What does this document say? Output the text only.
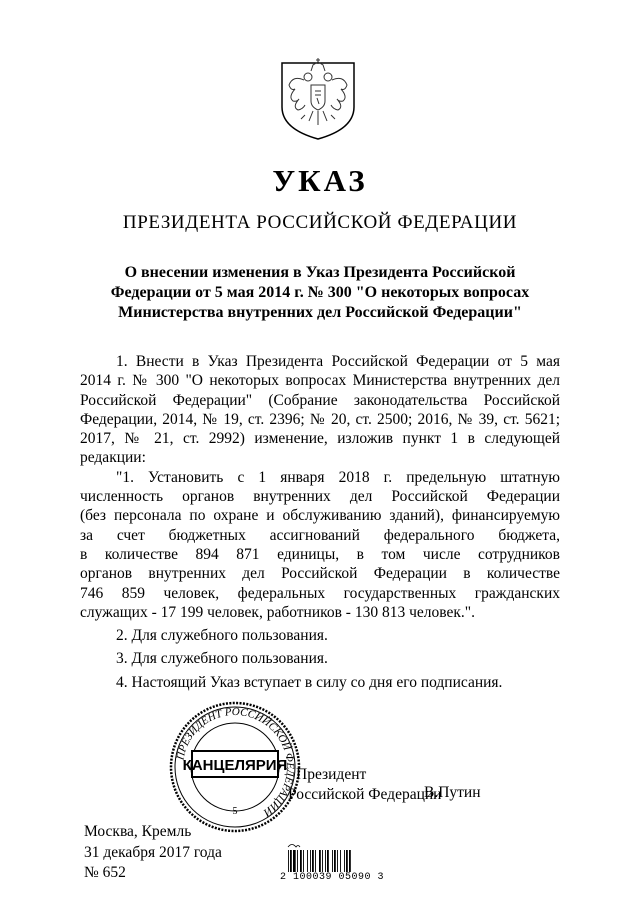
УКАЗ
ПРЕЗИДЕНТА РОССИЙСКОЙ ФЕДЕРАЦИИ
О внесении изменения в Указ Президента Российской
Федерации от 5 мая 2014 г. № 300 "О некоторых вопросах
Министерства внутренних дел Российской Федерации"
1. Внести в Указ Президента Российской Федерации от 5 мая
2014 г. № 300 "О некоторых вопросах Министерства внутренних дел
Российской Федерации" (Собрание законодательства Российской
Федерации, 2014, № 19, ст. 2396; № 20, ст. 2500; 2016, № 39, ст. 5621;
2017, № 21, ст. 2992) изменение, изложив пункт 1 в следующей
редакции:
"1. Установить с 1 января 2018 г. предельную штатную
численность органов внутренних дел Российской Федерации
(без персонала по охране и обслуживанию зданий), финансируемую
за счет бюджетных ассигнований федерального бюджета,
в количестве 894 871 единицы, в том числе сотрудников
органов внутренних дел Российской Федерации в количестве
746 859 человек, федеральных государственных гражданских
служащих - 17 199 человек, работников - 130 813 человек.".
2. Для служебного пользования.
3. Для служебного пользования.
4. Настоящий Указ вступает в силу со дня его подписания.
ПРЕЗИДЕНТ РОССИЙСКОЙ ФЕДЕРАЦИИ
КАНЦЕЛЯРИЯ
5
Президент
Российской Федерации
В.Путин
Москва, Кремль
31 декабря 2017 года
№ 652	2 100039 05090 3
